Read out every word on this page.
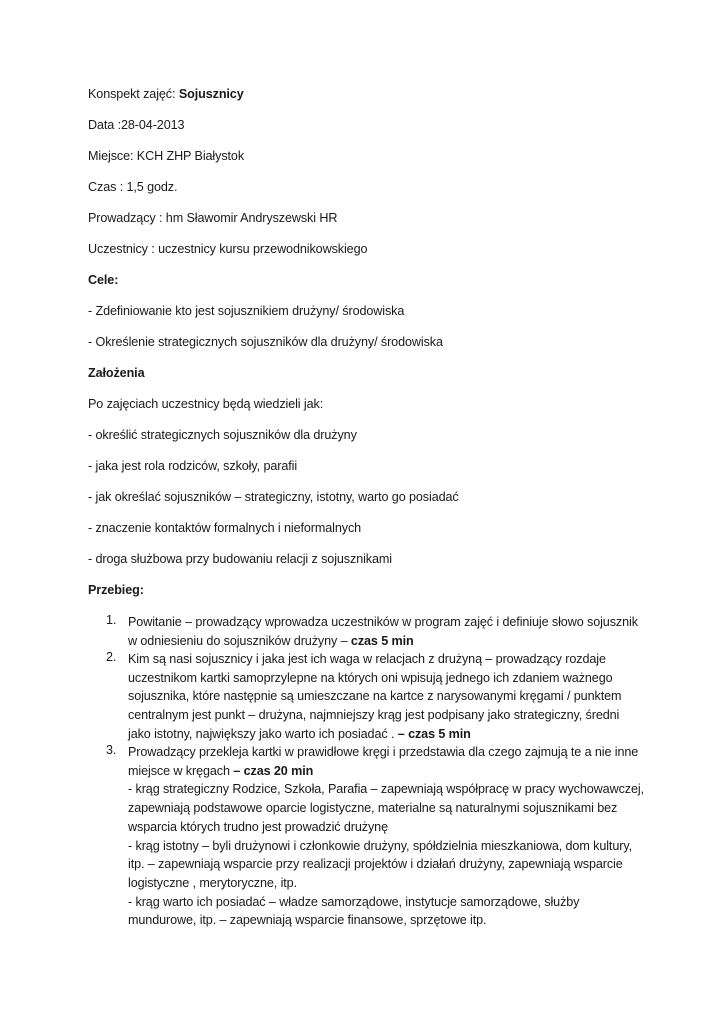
Konspekt zajęć: Sojusznicy
Data :28-04-2013
Miejsce: KCH ZHP Białystok
Czas : 1,5 godz.
Prowadzący : hm Sławomir Andryszewski HR
Uczestnicy : uczestnicy kursu przewodnikowskiego
Cele:
- Zdefiniowanie kto jest sojusznikiem drużyny/ środowiska
- Określenie strategicznych sojuszników dla drużyny/ środowiska
Założenia
Po zajęciach uczestnicy będą wiedzieli jak:
- określić strategicznych sojuszników dla drużyny
- jaka jest rola rodziców, szkoły, parafii
- jak określać sojuszników – strategiczny, istotny, warto go posiadać
- znaczenie kontaktów formalnych i nieformalnych
- droga służbowa przy budowaniu relacji z sojusznikami
Przebieg:
1. Powitanie – prowadzący wprowadza uczestników w program zajęć i definiuje słowo sojusznik
w odniesieniu do sojuszników drużyny – czas 5 min
2. Kim są nasi sojusznicy i jaka jest ich waga w relacjach z drużyną – prowadzący rozdaje
uczestnikom kartki samoprzylepne na których oni wpisują jednego ich zdaniem ważnego
sojusznika, które następnie są umieszczane na kartce z narysowanymi kręgami / punktem
centralnym jest punkt – drużyna, najmniejszy krąg jest podpisany jako strategiczny, średni
jako istotny, największy jako warto ich posiadać . – czas 5 min
3. Prowadzący przekleja kartki w prawidłowe kręgi i przedstawia dla czego zajmują te a nie inne
miejsce w kręgach – czas 20 min
- krąg strategiczny Rodzice, Szkoła, Parafia – zapewniają współpracę w pracy wychowawczej,
zapewniają podstawowe oparcie logistyczne, materialne są naturalnymi sojusznikami bez
wsparcia których trudno jest prowadzić drużynę
- krąg istotny – byli drużynowi i członkowie drużyny, spółdzielnia mieszkaniowa, dom kultury,
itp. – zapewniają wsparcie przy realizacji projektów i działań drużyny, zapewniają wsparcie
logistyczne , merytoryczne, itp.
- krąg warto ich posiadać – władze samorządowe, instytucje samorządowe, służby
mundurowe, itp. – zapewniają wsparcie finansowe, sprzętowe itp.
